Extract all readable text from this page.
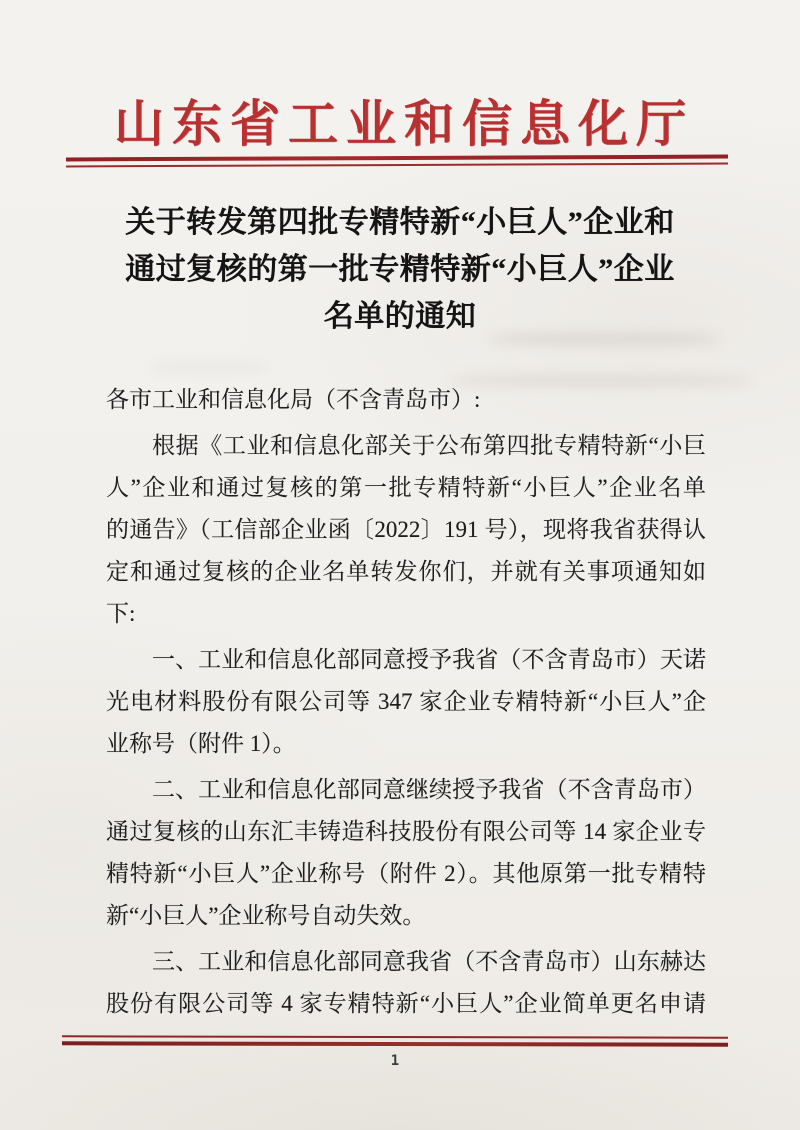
山东省工业和信息化厅
关于转发第四批专精特新“小巨人”企业和
通过复核的第一批专精特新“小巨人”企业
名单的通知
各市工业和信息化局（不含青岛市）:
根据《工业和信息化部关于公布第四批专精特新“小巨
人”企业和通过复核的第一批专精特新“小巨人”企业名单
的通告》（工信部企业函〔2022〕191 号），现将我省获得认
定和通过复核的企业名单转发你们，并就有关事项通知如
下:
一、工业和信息化部同意授予我省（不含青岛市）天诺
光电材料股份有限公司等 347 家企业专精特新“小巨人”企
业称号（附件 1）。
二、工业和信息化部同意继续授予我省（不含青岛市）
通过复核的山东汇丰铸造科技股份有限公司等 14 家企业专
精特新“小巨人”企业称号（附件 2）。其他原第一批专精特
新“小巨人”企业称号自动失效。
三、工业和信息化部同意我省（不含青岛市）山东赫达
股份有限公司等 4 家专精特新“小巨人”企业简单更名申请
1
